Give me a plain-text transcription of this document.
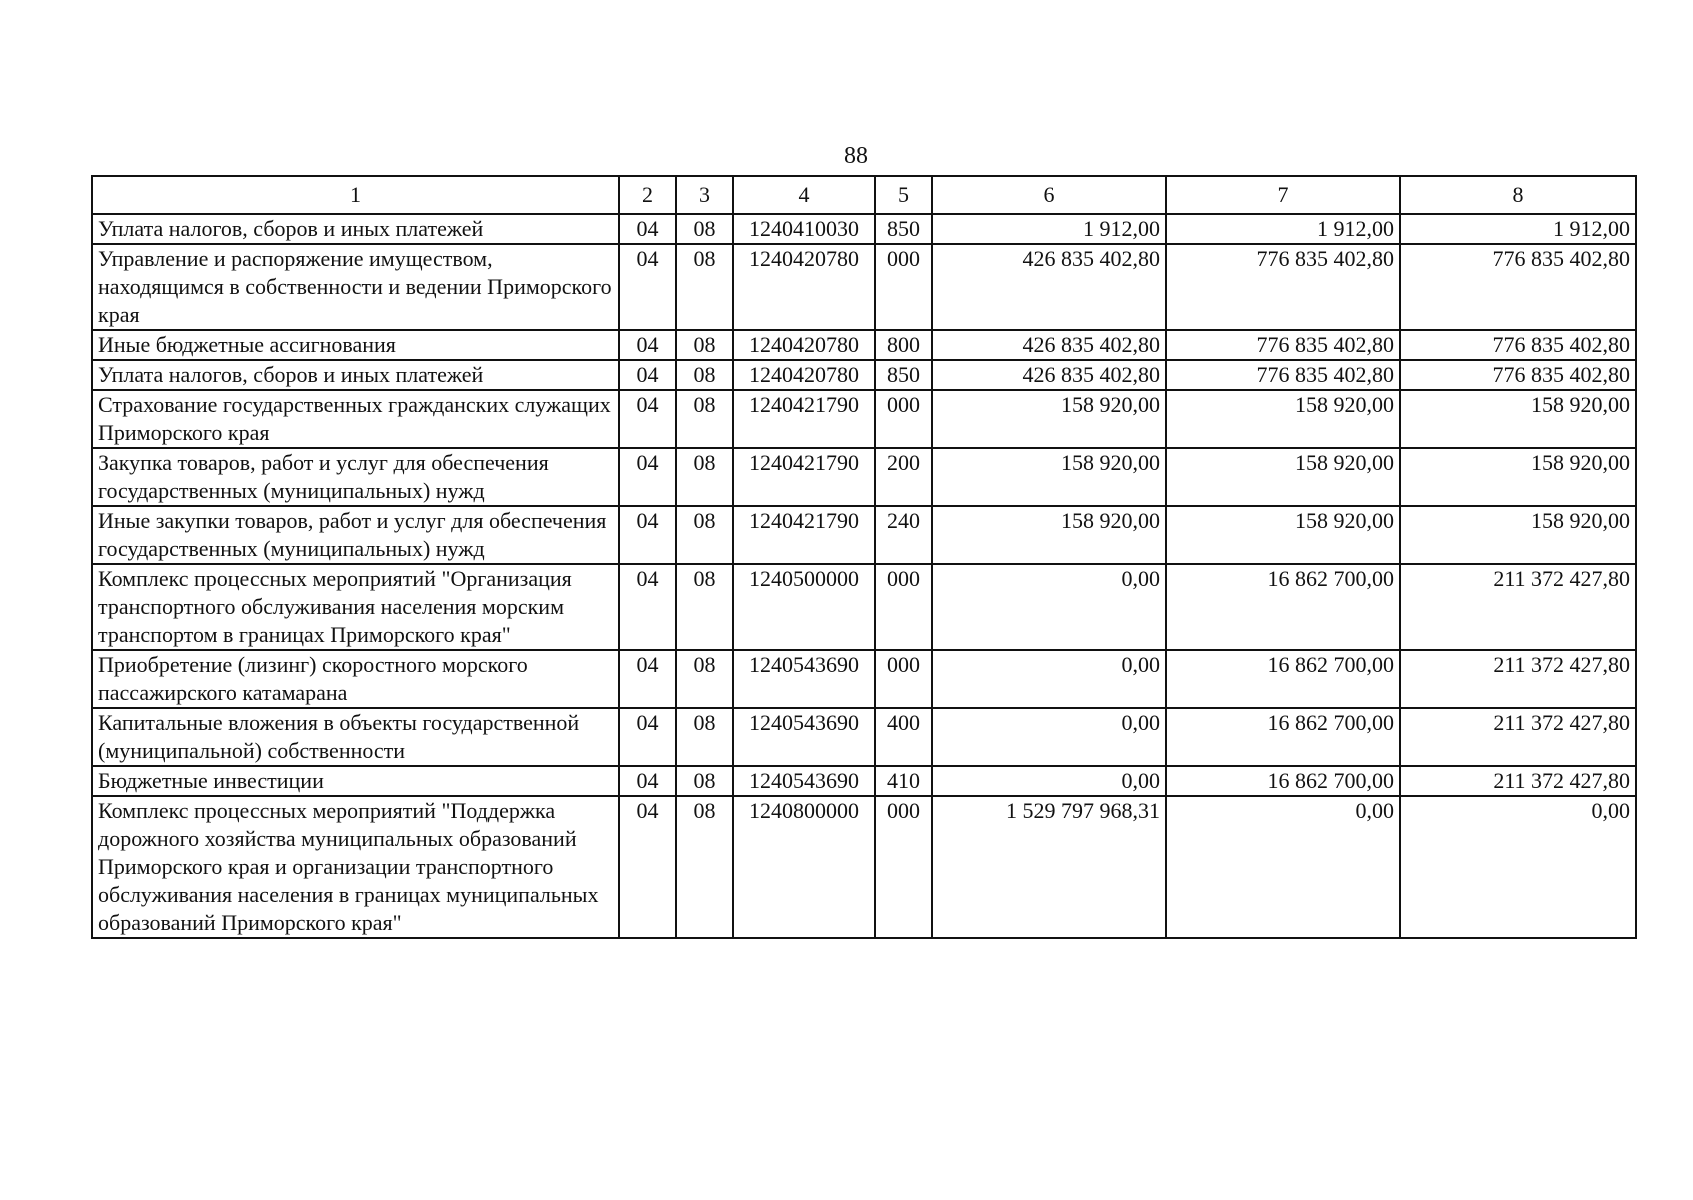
88
1	2	3	4	5	6	7	8
Уплата налогов, сборов и иных платежей	04	08	1240410030	850	1 912,00	1 912,00	1 912,00
Управление и распоряжение имуществом, находящимся в собственности и ведении Приморского края	04	08	1240420780	000	426 835 402,80	776 835 402,80	776 835 402,80
Иные бюджетные ассигнования	04	08	1240420780	800	426 835 402,80	776 835 402,80	776 835 402,80
Уплата налогов, сборов и иных платежей	04	08	1240420780	850	426 835 402,80	776 835 402,80	776 835 402,80
Страхование государственных гражданских служащих Приморского края	04	08	1240421790	000	158 920,00	158 920,00	158 920,00
Закупка товаров, работ и услуг для обеспечения государственных (муниципальных) нужд	04	08	1240421790	200	158 920,00	158 920,00	158 920,00
Иные закупки товаров, работ и услуг для обеспечения государственных (муниципальных) нужд	04	08	1240421790	240	158 920,00	158 920,00	158 920,00
Комплекс процессных мероприятий "Организация транспортного обслуживания населения морским транспортом в границах Приморского края"	04	08	1240500000	000	0,00	16 862 700,00	211 372 427,80
Приобретение (лизинг) скоростного морского пассажирского катамарана	04	08	1240543690	000	0,00	16 862 700,00	211 372 427,80
Капитальные вложения в объекты государственной (муниципальной) собственности	04	08	1240543690	400	0,00	16 862 700,00	211 372 427,80
Бюджетные инвестиции	04	08	1240543690	410	0,00	16 862 700,00	211 372 427,80
Комплекс процессных мероприятий "Поддержка дорожного хозяйства муниципальных образований Приморского края и организации транспортного обслуживания населения в границах муниципальных образований Приморского края"	04	08	1240800000	000	1 529 797 968,31	0,00	0,00
